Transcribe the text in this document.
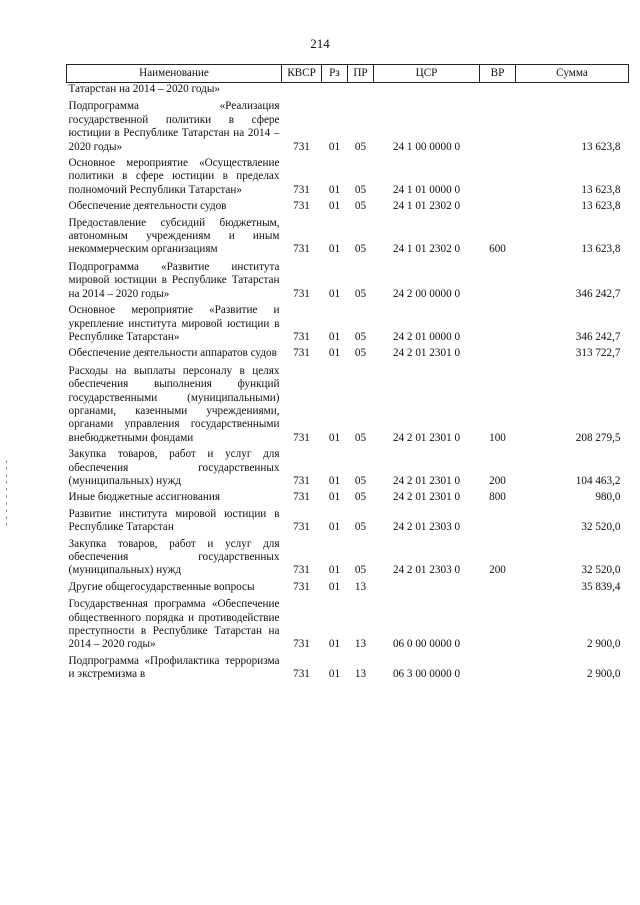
214
Наименование	КВСР	Рз	ПР	ЦСР	ВР	Сумма
Татарстан на 2014 – 2020 годы»						
Подпрограмма «Реализация государственной политики в сфере юстиции в Республике Татарстан на 2014 – 2020 годы»	731	01	05	24 1 00 0000 0		13 623,8
Основное мероприятие «Осуществление политики в сфере юстиции в пределах полномочий Республики Татарстан»	731	01	05	24 1 01 0000 0		13 623,8
Обеспечение деятельности судов	731	01	05	24 1 01 2302 0		13 623,8
Предоставление субсидий бюджетным, автономным учреждениям и иным некоммерческим организациям	731	01	05	24 1 01 2302 0	600	13 623,8
Подпрограмма «Развитие института мировой юстиции в Республике Татарстан на 2014 – 2020 годы»	731	01	05	24 2 00 0000 0		346 242,7
Основное мероприятие «Развитие и укрепление института мировой юстиции в Республике Татарстан»	731	01	05	24 2 01 0000 0		346 242,7
Обеспечение деятельности аппаратов судов	731	01	05	24 2 01 2301 0		313 722,7
Расходы на выплаты персоналу в целях обеспечения выполнения функций государственными (муниципальными) органами, казенными учреждениями, органами управления государственными внебюджетными фондами	731	01	05	24 2 01 2301 0	100	208 279,5
Закупка товаров, работ и услуг для обеспечения государственных (муниципальных) нужд	731	01	05	24 2 01 2301 0	200	104 463,2
Иные бюджетные ассигнования	731	01	05	24 2 01 2301 0	800	980,0
Развитие института мировой юстиции в Республике Татарстан	731	01	05	24 2 01 2303 0		32 520,0
Закупка товаров, работ и услуг для обеспечения государственных (муниципальных) нужд	731	01	05	24 2 01 2303 0	200	32 520,0
Другие общегосударственные вопросы	731	01	13			35 839,4
Государственная программа «Обеспечение общественного порядка и противодействие преступности в Республике Татарстан на 2014 – 2020 годы»	731	01	13	06 0 00 0000 0		2 900,0
Подпрограмма «Профилактика терроризма и экстремизма в	731	01	13	06 3 00 0000 0		2 900,0
